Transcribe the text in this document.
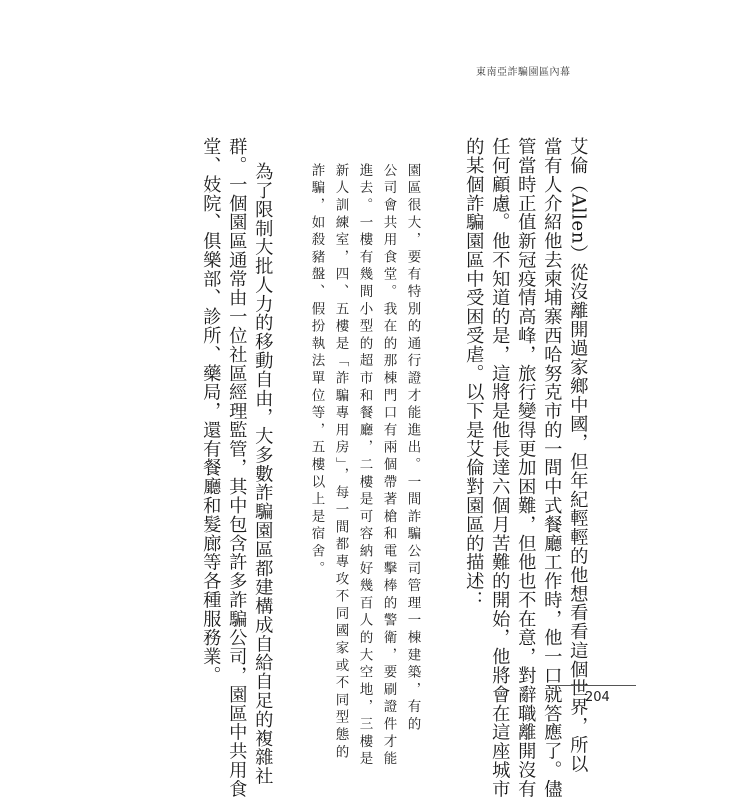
東南亞詐騙園區內幕
艾倫（Allen）從沒離開過家鄉中國，但年紀輕輕的他想看看這個世界，所以
當有人介紹他去柬埔寨西哈努克市的一間中式餐廳工作時，他一口就答應了。儘
管當時正值新冠疫情高峰，旅行變得更加困難，但他也不在意，對辭職離開沒有
任何顧慮。他不知道的是，這將是他長達六個月苦難的開始，他將會在這座城市
的某個詐騙園區中受困受虐。以下是艾倫對園區的描述：
園區很大，要有特別的通行證才能進出。一間詐騙公司管理一棟建築，有的
公司會共用食堂。我在的那棟門口有兩個帶著槍和電擊棒的警衛，要刷證件才能
進去。一樓有幾間小型的超市和餐廳，二樓是可容納好幾百人的大空地，三樓是
新人訓練室，四、五樓是「詐騙專用房」，每一間都專攻不同國家或不同型態的
詐騙，如殺豬盤、假扮執法單位等，五樓以上是宿舍。
為了限制大批人力的移動自由，大多數詐騙園區都建構成自給自足的複雜社
群。一個園區通常由一位社區經理監管，其中包含許多詐騙公司，園區中共用食
堂、妓院、俱樂部、診所、藥局，還有餐廳和髮廊等各種服務業。
204
